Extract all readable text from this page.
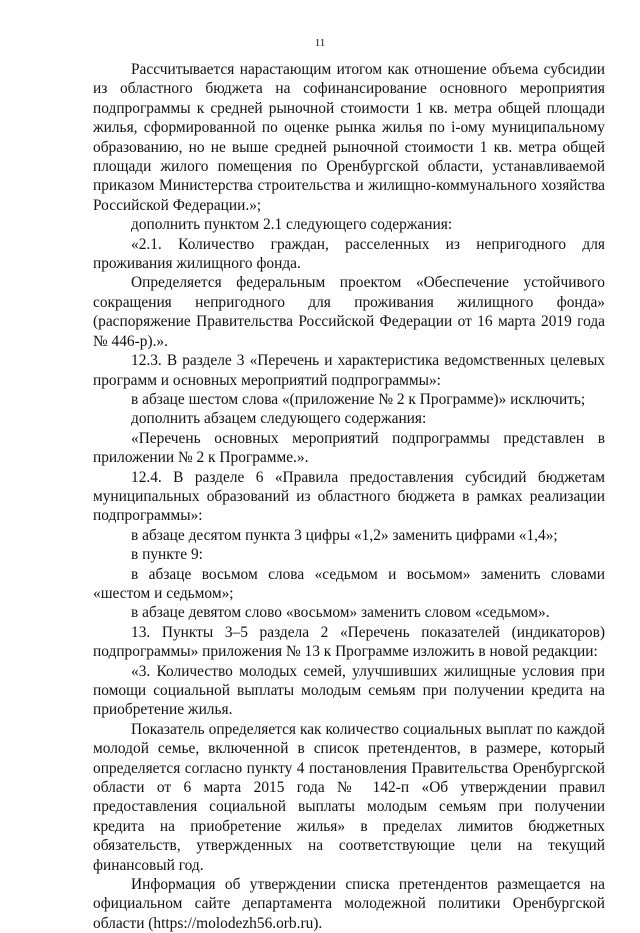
11

Рассчитывается нарастающим итогом как отношение объема субсидии из областного бюджета на софинансирование основного мероприятия подпрограммы к средней рыночной стоимости 1 кв. метра общей площади жилья, сформированной по оценке рынка жилья по i-ому муниципальному образованию, но не выше средней рыночной стоимости 1 кв. метра общей площади жилого помещения по Оренбургской области, устанавливаемой приказом Министерства строительства и жилищно-коммунального хозяйства Российской Федерации.»;

дополнить пунктом 2.1 следующего содержания:

«2.1. Количество граждан, расселенных из непригодного для проживания жилищного фонда.

Определяется федеральным проектом «Обеспечение устойчивого сокращения непригодного для проживания жилищного фонда» (распоряжение Правительства Российской Федерации от 16 марта 2019 года № 446-р).».

12.3. В разделе 3 «Перечень и характеристика ведомственных целевых программ и основных мероприятий подпрограммы»:

в абзаце шестом слова «(приложение № 2 к Программе)» исключить;

дополнить абзацем следующего содержания:

«Перечень основных мероприятий подпрограммы представлен в приложении № 2 к Программе.».

12.4. В разделе 6 «Правила предоставления субсидий бюджетам муниципальных образований из областного бюджета в рамках реализации подпрограммы»:

в абзаце десятом пункта 3 цифры «1,2» заменить цифрами «1,4»;

в пункте 9:

в абзаце восьмом слова «седьмом и восьмом» заменить словами «шестом и седьмом»;

в абзаце девятом слово «восьмом» заменить словом «седьмом».

13. Пункты 3–5 раздела 2 «Перечень показателей (индикаторов) подпрограммы» приложения № 13 к Программе изложить в новой редакции:

«3. Количество молодых семей, улучшивших жилищные условия при помощи социальной выплаты молодым семьям при получении кредита на приобретение жилья.

Показатель определяется как количество социальных выплат по каждой молодой семье, включенной в список претендентов, в размере, который определяется согласно пункту 4 постановления Правительства Оренбургской области от 6 марта 2015 года № 142-п «Об утверждении правил предоставления социальной выплаты молодым семьям при получении кредита на приобретение жилья» в пределах лимитов бюджетных обязательств, утвержденных на соответствующие цели на текущий финансовый год.

Информация об утверждении списка претендентов размещается на официальном сайте департамента молодежной политики Оренбургской области (https://molodezh56.orb.ru).
